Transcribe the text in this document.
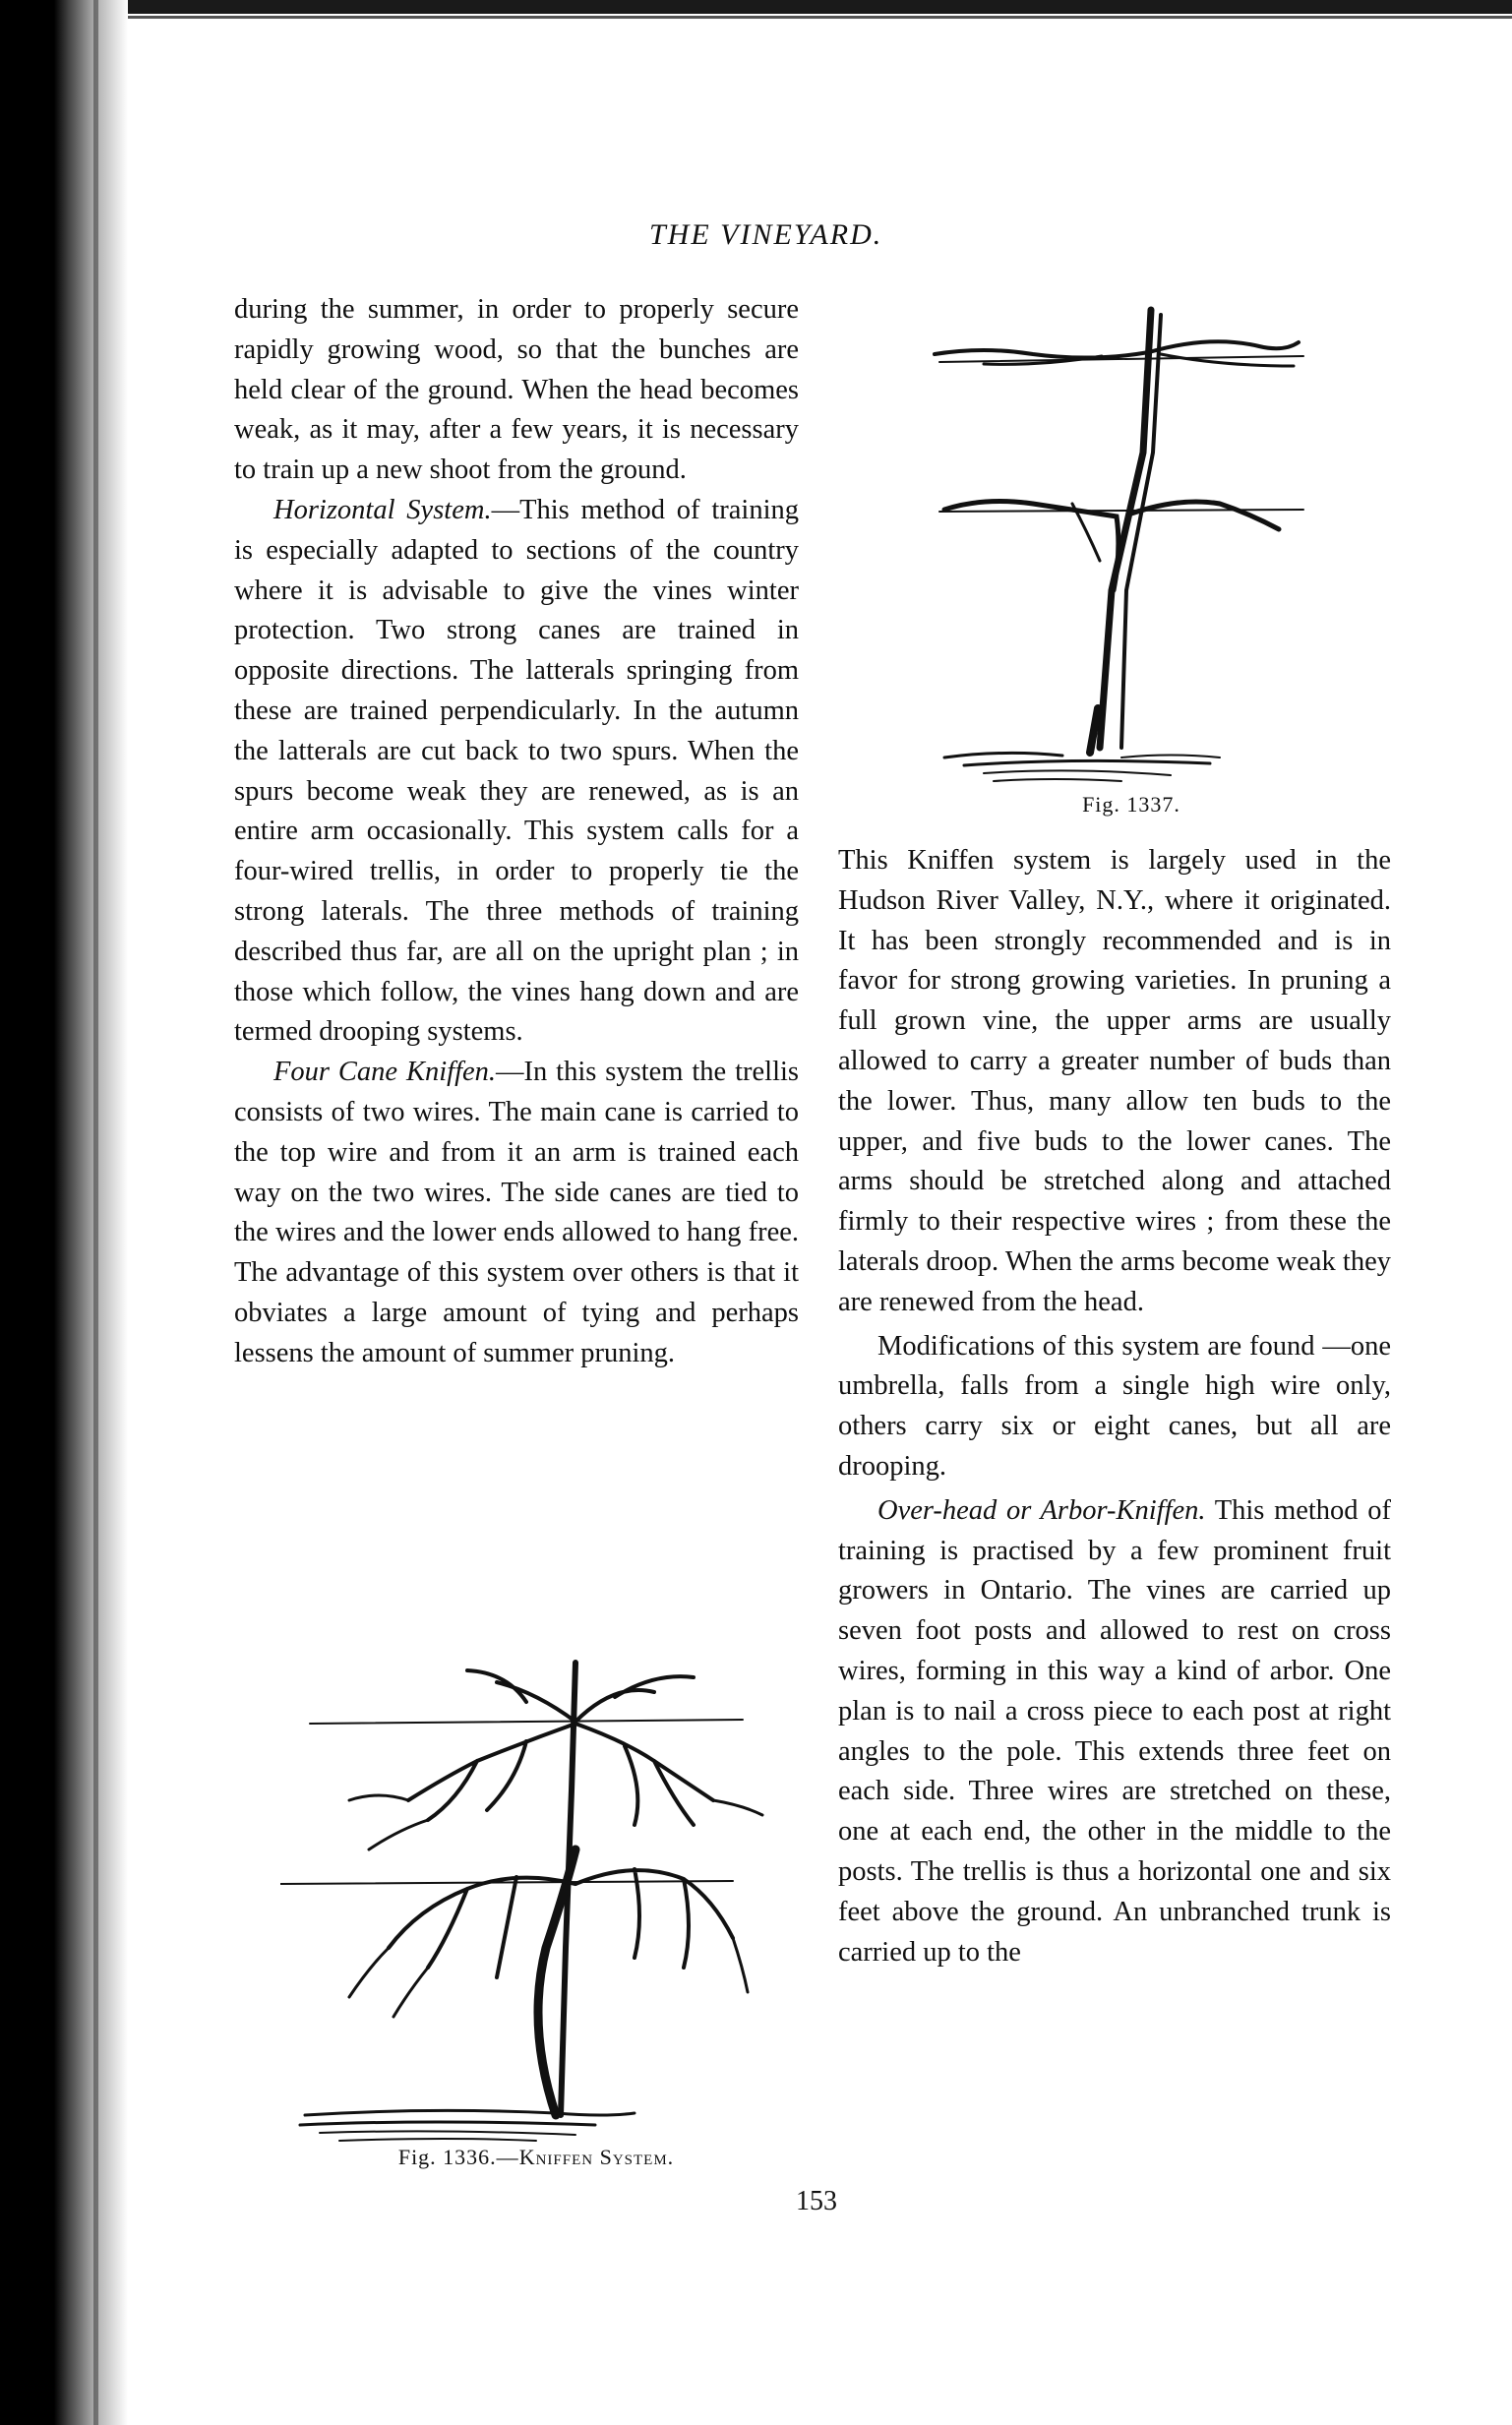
THE VINEYARD.

during the summer, in order to properly secure rapidly growing wood, so that the bunches are held clear of the ground. When the head becomes weak, as it may, after a few years, it is necessary to train up a new shoot from the ground.

Horizontal System.—This method of training is especially adapted to sections of the country where it is advisable to give the vines winter protection. Two strong canes are trained in opposite directions. The latterals springing from these are trained perpendicularly. In the autumn the latterals are cut back to two spurs. When the spurs become weak they are renewed, as is an entire arm occasionally. This system calls for a four-wired trellis, in order to properly tie the strong laterals. The three methods of training described thus far, are all on the upright plan ; in those which follow, the vines hang down and are termed drooping systems.

Four Cane Kniffen.—In this system the trellis consists of two wires. The main cane is carried to the top wire and from it an arm is trained each way on the two wires. The side canes are tied to the wires and the lower ends allowed to hang free. The advantage of this system over others is that it obviates a large amount of tying and perhaps lessens the amount of summer pruning.

Fig. 1337.

This Kniffen system is largely used in the Hudson River Valley, N.Y., where it originated. It has been strongly recommended and is in favor for strong growing varieties. In pruning a full grown vine, the upper arms are usually allowed to carry a greater number of buds than the lower. Thus, many allow ten buds to the upper, and five buds to the lower canes. The arms should be stretched along and attached firmly to their respective wires ; from these the laterals droop. When the arms become weak they are renewed from the head.

Modifications of this system are found —one umbrella, falls from a single high wire only, others carry six or eight canes, but all are drooping.

Over-head or Arbor-Kniffen. This method of training is practised by a few prominent fruit growers in Ontario. The vines are carried up seven foot posts and allowed to rest on cross wires, forming in this way a kind of arbor. One plan is to nail a cross piece to each post at right angles to the pole. This extends three feet on each side. Three wires are stretched on these, one at each end, the other in the middle to the posts. The trellis is thus a horizontal one and six feet above the ground. An unbranched trunk is carried up to the

Fig. 1336.—Kniffen System.
153
